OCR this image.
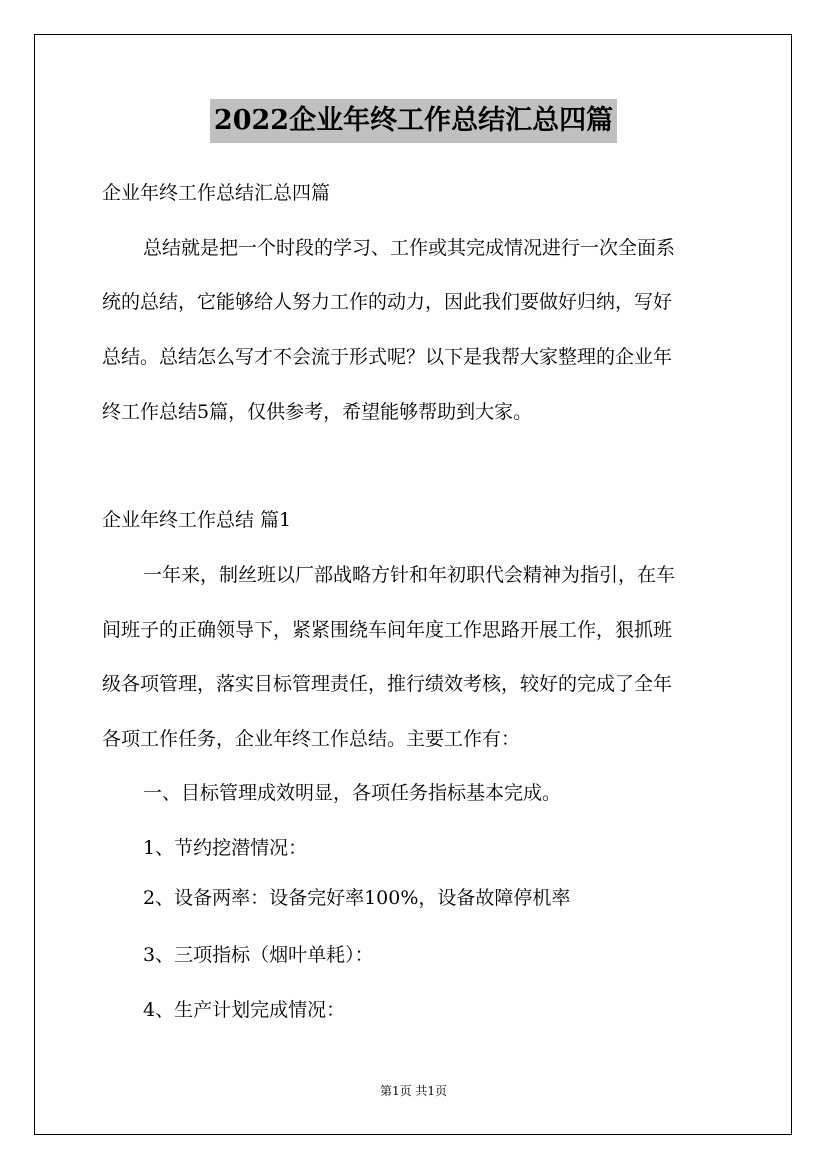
2022企业年终工作总结汇总四篇
企业年终工作总结汇总四篇
总结就是把一个时段的学习、工作或其完成情况进行一次全面系
统的总结，它能够给人努力工作的动力，因此我们要做好归纳，写好
总结。总结怎么写才不会流于形式呢？以下是我帮大家整理的企业年
终工作总结5篇，仅供参考，希望能够帮助到大家。
企业年终工作总结 篇1
一年来，制丝班以厂部战略方针和年初职代会精神为指引，在车
间班子的正确领导下，紧紧围绕车间年度工作思路开展工作，狠抓班
级各项管理，落实目标管理责任，推行绩效考核，较好的完成了全年
各项工作任务，企业年终工作总结。主要工作有：
一、目标管理成效明显，各项任务指标基本完成。
1、节约挖潜情况：
2、设备两率：设备完好率100%，设备故障停机率
3、三项指标（烟叶单耗）：
4、生产计划完成情况：
第1页 共1页
